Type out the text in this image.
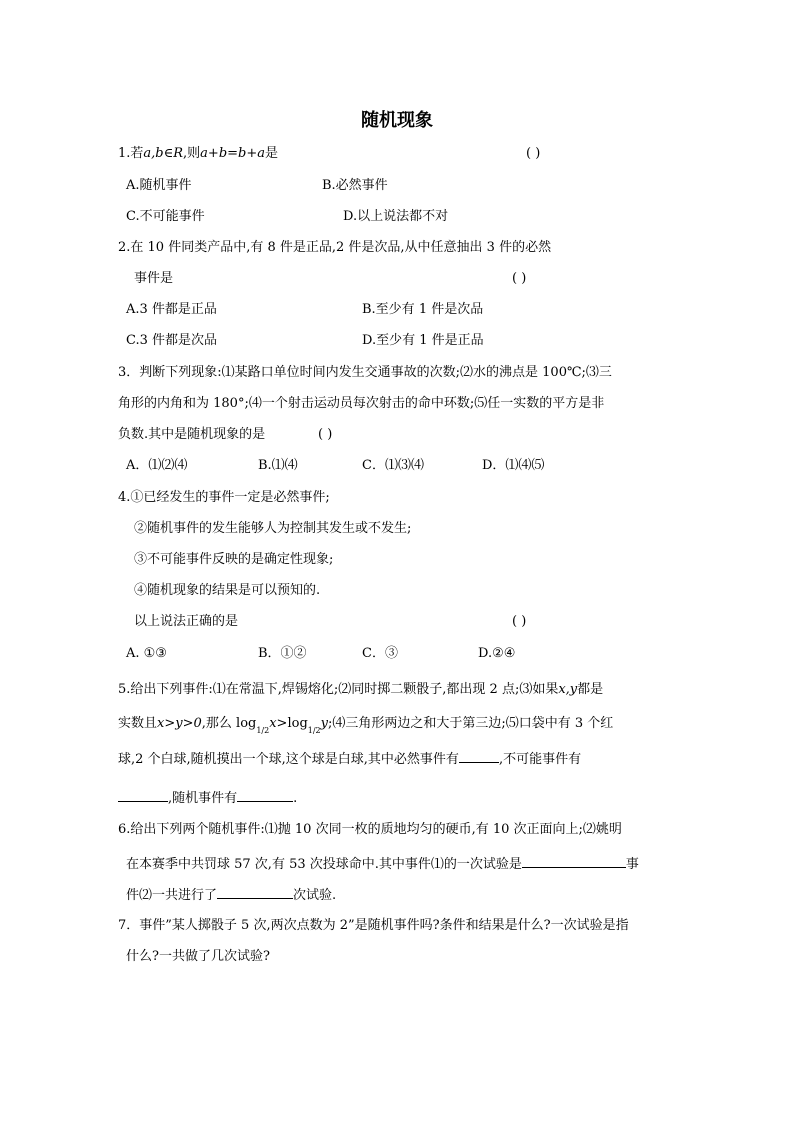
随机现象
1.若a,b∈R,则a+b=b+a是	( )
A.随机事件	B.必然事件
C.不可能事件	D.以上说法都不对
2.在 10 件同类产品中,有 8 件是正品,2 件是次品,从中任意抽出 3 件的必然
事件是	( )
A.3 件都是正品	B.至少有 1 件是次品
C.3 件都是次品	D.至少有 1 件是正品
3．判断下列现象:⑴某路口单位时间内发生交通事故的次数;⑵水的沸点是 100℃;⑶三
角形的内角和为 180°;⑷一个射击运动员每次射击的命中环数;⑸任一实数的平方是非
负数.其中是随机现象的是	( )
A．⑴⑵⑷	B.⑴⑷	C．⑴⑶⑷	D．⑴⑷⑸
4.①已经发生的事件一定是必然事件;
②随机事件的发生能够人为控制其发生或不发生;
③不可能事件反映的是确定性现象;
④随机现象的结果是可以预知的.
以上说法正确的是	( )
A. ①③	B．①②	C．③	D.②④
5.给出下列事件:⑴在常温下,焊锡熔化;⑵同时掷二颗骰子,都出现 2 点;⑶如果x,y都是
实数且x>y>0,那么 log1/2x>log1/2y;⑷三角形两边之和大于第三边;⑸口袋中有 3 个红
球,2 个白球,随机摸出一个球,这个球是白球,其中必然事件有	,不可能事件有
,随机事件有	.
6.给出下列两个随机事件:⑴抛 10 次同一枚的质地均匀的硬币,有 10 次正面向上;⑵姚明
在本赛季中共罚球 57 次,有 53 次投球命中.其中事件⑴的一次试验是	事
件⑵一共进行了	次试验.
7．事件”某人掷骰子 5 次,两次点数为 2”是随机事件吗?条件和结果是什么?一次试验是指
什么?一共做了几次试验?
